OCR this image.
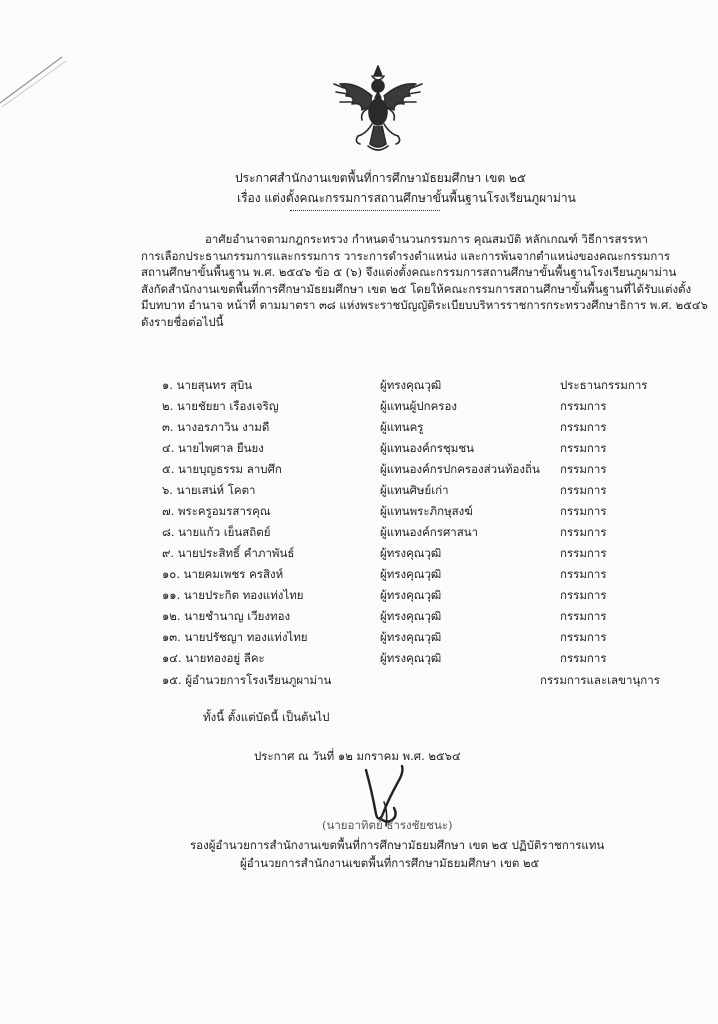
ประกาศสำนักงานเขตพื้นที่การศึกษามัธยมศึกษา เขต ๒๕
เรื่อง แต่งตั้งคณะกรรมการสถานศึกษาขั้นพื้นฐานโรงเรียนภูผาม่าน
อาศัยอำนาจตามกฎกระทรวง กำหนดจำนวนกรรมการ คุณสมบัติ หลักเกณฑ์ วิธีการสรรหา
การเลือกประธานกรรมการและกรรมการ วาระการดำรงตำแหน่ง และการพ้นจากตำแหน่งของคณะกรรมการ
สถานศึกษาขั้นพื้นฐาน พ.ศ. ๒๕๔๖ ข้อ ๕ (๖) จึงแต่งตั้งคณะกรรมการสถานศึกษาขั้นพื้นฐานโรงเรียนภูผาม่าน
สังกัดสำนักงานเขตพื้นที่การศึกษามัธยมศึกษา เขต ๒๕ โดยให้คณะกรรมการสถานศึกษาขั้นพื้นฐานที่ได้รับแต่งตั้ง
มีบทบาท อำนาจ หน้าที่ ตามมาตรา ๓๘ แห่งพระราชบัญญัติระเบียบบริหารราชการกระทรวงศึกษาธิการ พ.ศ. ๒๕๔๖
ดังรายชื่อต่อไปนี้
๑. นายสุนทร สุบิน	ผู้ทรงคุณวุฒิ	ประธานกรรมการ
๒. นายชัยยา เรืองเจริญ	ผู้แทนผู้ปกครอง	กรรมการ
๓. นางอรภาวิน งามดี	ผู้แทนครู	กรรมการ
๔. นายไพศาล ยืนยง	ผู้แทนองค์กรชุมชน	กรรมการ
๕. นายบุญธรรม ลาบศึก	ผู้แทนองค์กรปกครองส่วนท้องถิ่น กรรมการ
๖. นายเสน่ห์ โคตา	ผู้แทนศิษย์เก่า	กรรมการ
๗. พระครูอมรสารคุณ	ผู้แทนพระภิกษุสงฆ์	กรรมการ
๘. นายแก้ว เย็นสถิตย์	ผู้แทนองค์กรศาสนา	กรรมการ
๙. นายประสิทธิ์ คำภาพันธ์	ผู้ทรงคุณวุฒิ	กรรมการ
๑๐. นายคมเพชร ครสิงห์	ผู้ทรงคุณวุฒิ	กรรมการ
๑๑. นายประกิต ทองแท่งไทย	ผู้ทรงคุณวุฒิ	กรรมการ
๑๒. นายชำนาญ เวียงทอง	ผู้ทรงคุณวุฒิ	กรรมการ
๑๓. นายปรัชญา ทองแท่งไทย	ผู้ทรงคุณวุฒิ	กรรมการ
๑๔. นายทองอยู่ ลีคะ	ผู้ทรงคุณวุฒิ	กรรมการ
๑๕. ผู้อำนวยการโรงเรียนภูผาม่าน	กรรมการและเลขานุการ
ทั้งนี้ ตั้งแต่บัดนี้ เป็นต้นไป
ประกาศ ณ วันที่ ๑๒ มกราคม พ.ศ. ๒๕๖๔
(นายอาทิตย์ ธำรงชัยชนะ)
รองผู้อำนวยการสำนักงานเขตพื้นที่การศึกษามัธยมศึกษา เขต ๒๕ ปฏิบัติราชการแทน
ผู้อำนวยการสำนักงานเขตพื้นที่การศึกษามัธยมศึกษา เขต ๒๕
